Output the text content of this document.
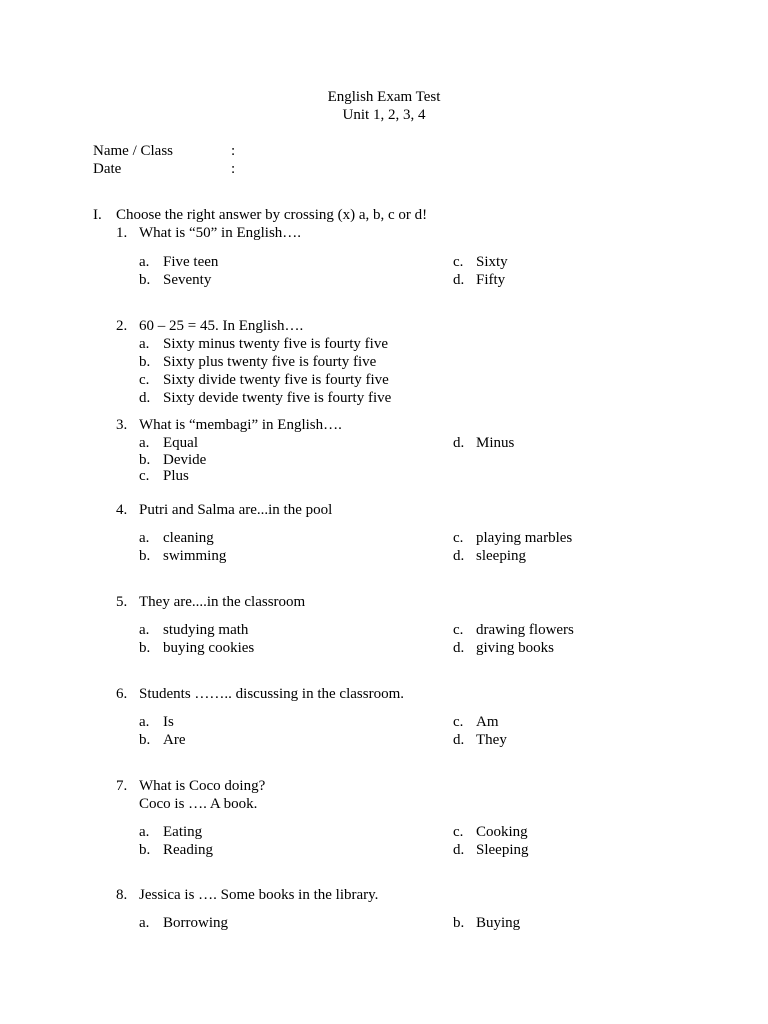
English Exam Test
Unit 1, 2, 3, 4
Name / Class	:
Date	:
I. Choose the right answer by crossing (x) a, b, c or d!
1. What is “50” in English….
a. Five teen
b. Seventy
c. Sixty
d. Fifty
2. 60 – 25 = 45. In English….
a. Sixty minus twenty five is fourty five
b. Sixty plus twenty five is fourty five
c. Sixty divide twenty five is fourty five
d. Sixty devide twenty five is fourty five
3. What is “membagi” in English….
a. Equal
b. Devide
c. Plus
d. Minus
4. Putri and Salma are...in the pool
a. cleaning
b. swimming
c. playing marbles
d. sleeping
5. They are....in the classroom
a. studying math
b. buying cookies
c. drawing flowers
d. giving books
6. Students …….. discussing in the classroom.
a. Is
b. Are
c. Am
d. They
7. What is Coco doing?
Coco is …. A book.
a. Eating
b. Reading
c. Cooking
d. Sleeping
8. Jessica is …. Some books in the library.
a. Borrowing	b. Buying
